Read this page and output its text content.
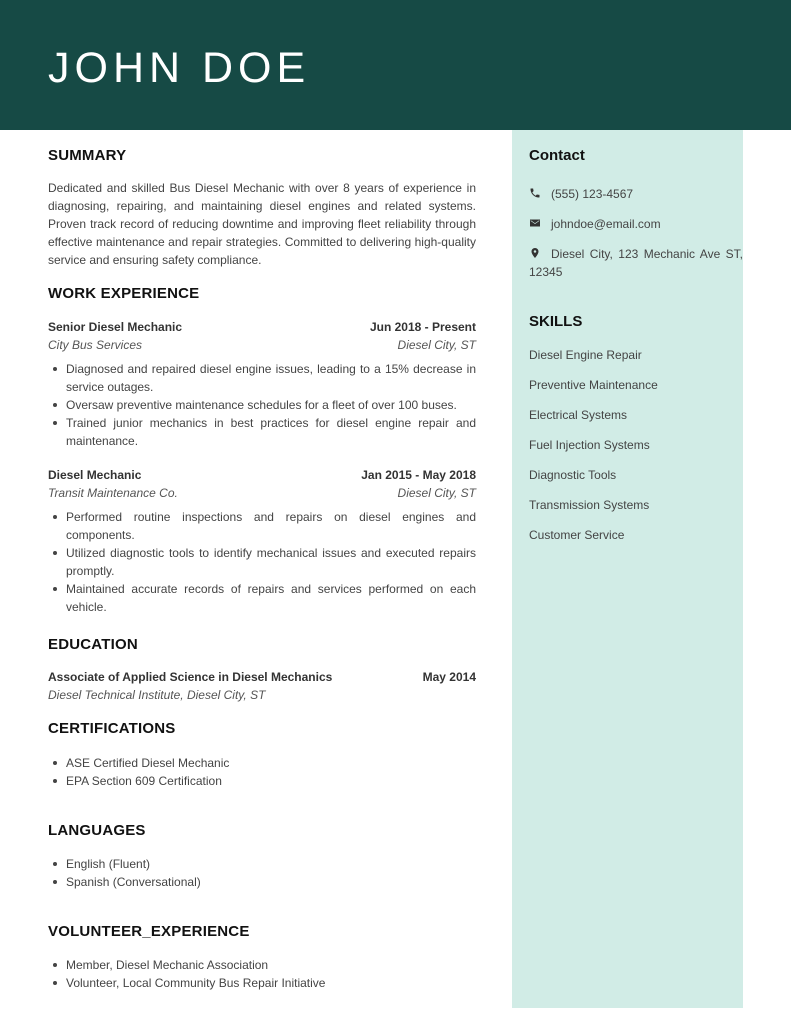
JOHN DOE
Contact
(555) 123-4567
johndoe@email.com
Diesel City, 123 Mechanic Ave ST, 12345
SKILLS
Diesel Engine Repair
Preventive Maintenance
Electrical Systems
Fuel Injection Systems
Diagnostic Tools
Transmission Systems
Customer Service
SUMMARY

Dedicated and skilled Bus Diesel Mechanic with over 8 years of experience in diagnosing, repairing, and maintaining diesel engines and related systems. Proven track record of reducing downtime and improving fleet reliability through effective maintenance and repair strategies. Committed to delivering high-quality service and ensuring safety compliance.

WORK EXPERIENCE
Senior Diesel Mechanic	Jun 2018 - Present
City Bus Services	Diesel City, ST
Diagnosed and repaired diesel engine issues, leading to a 15% decrease in service outages.
Oversaw preventive maintenance schedules for a fleet of over 100 buses.
Trained junior mechanics in best practices for diesel engine repair and maintenance.
Diesel Mechanic	Jan 2015 - May 2018
Transit Maintenance Co.	Diesel City, ST
Performed routine inspections and repairs on diesel engines and components.
Utilized diagnostic tools to identify mechanical issues and executed repairs promptly.
Maintained accurate records of repairs and services performed on each vehicle.
EDUCATION
Associate of Applied Science in Diesel Mechanics	May 2014
Diesel Technical Institute, Diesel City, ST
CERTIFICATIONS
ASE Certified Diesel Mechanic
EPA Section 609 Certification
LANGUAGES
English (Fluent)
Spanish (Conversational)
VOLUNTEER_EXPERIENCE
Member, Diesel Mechanic Association
Volunteer, Local Community Bus Repair Initiative
